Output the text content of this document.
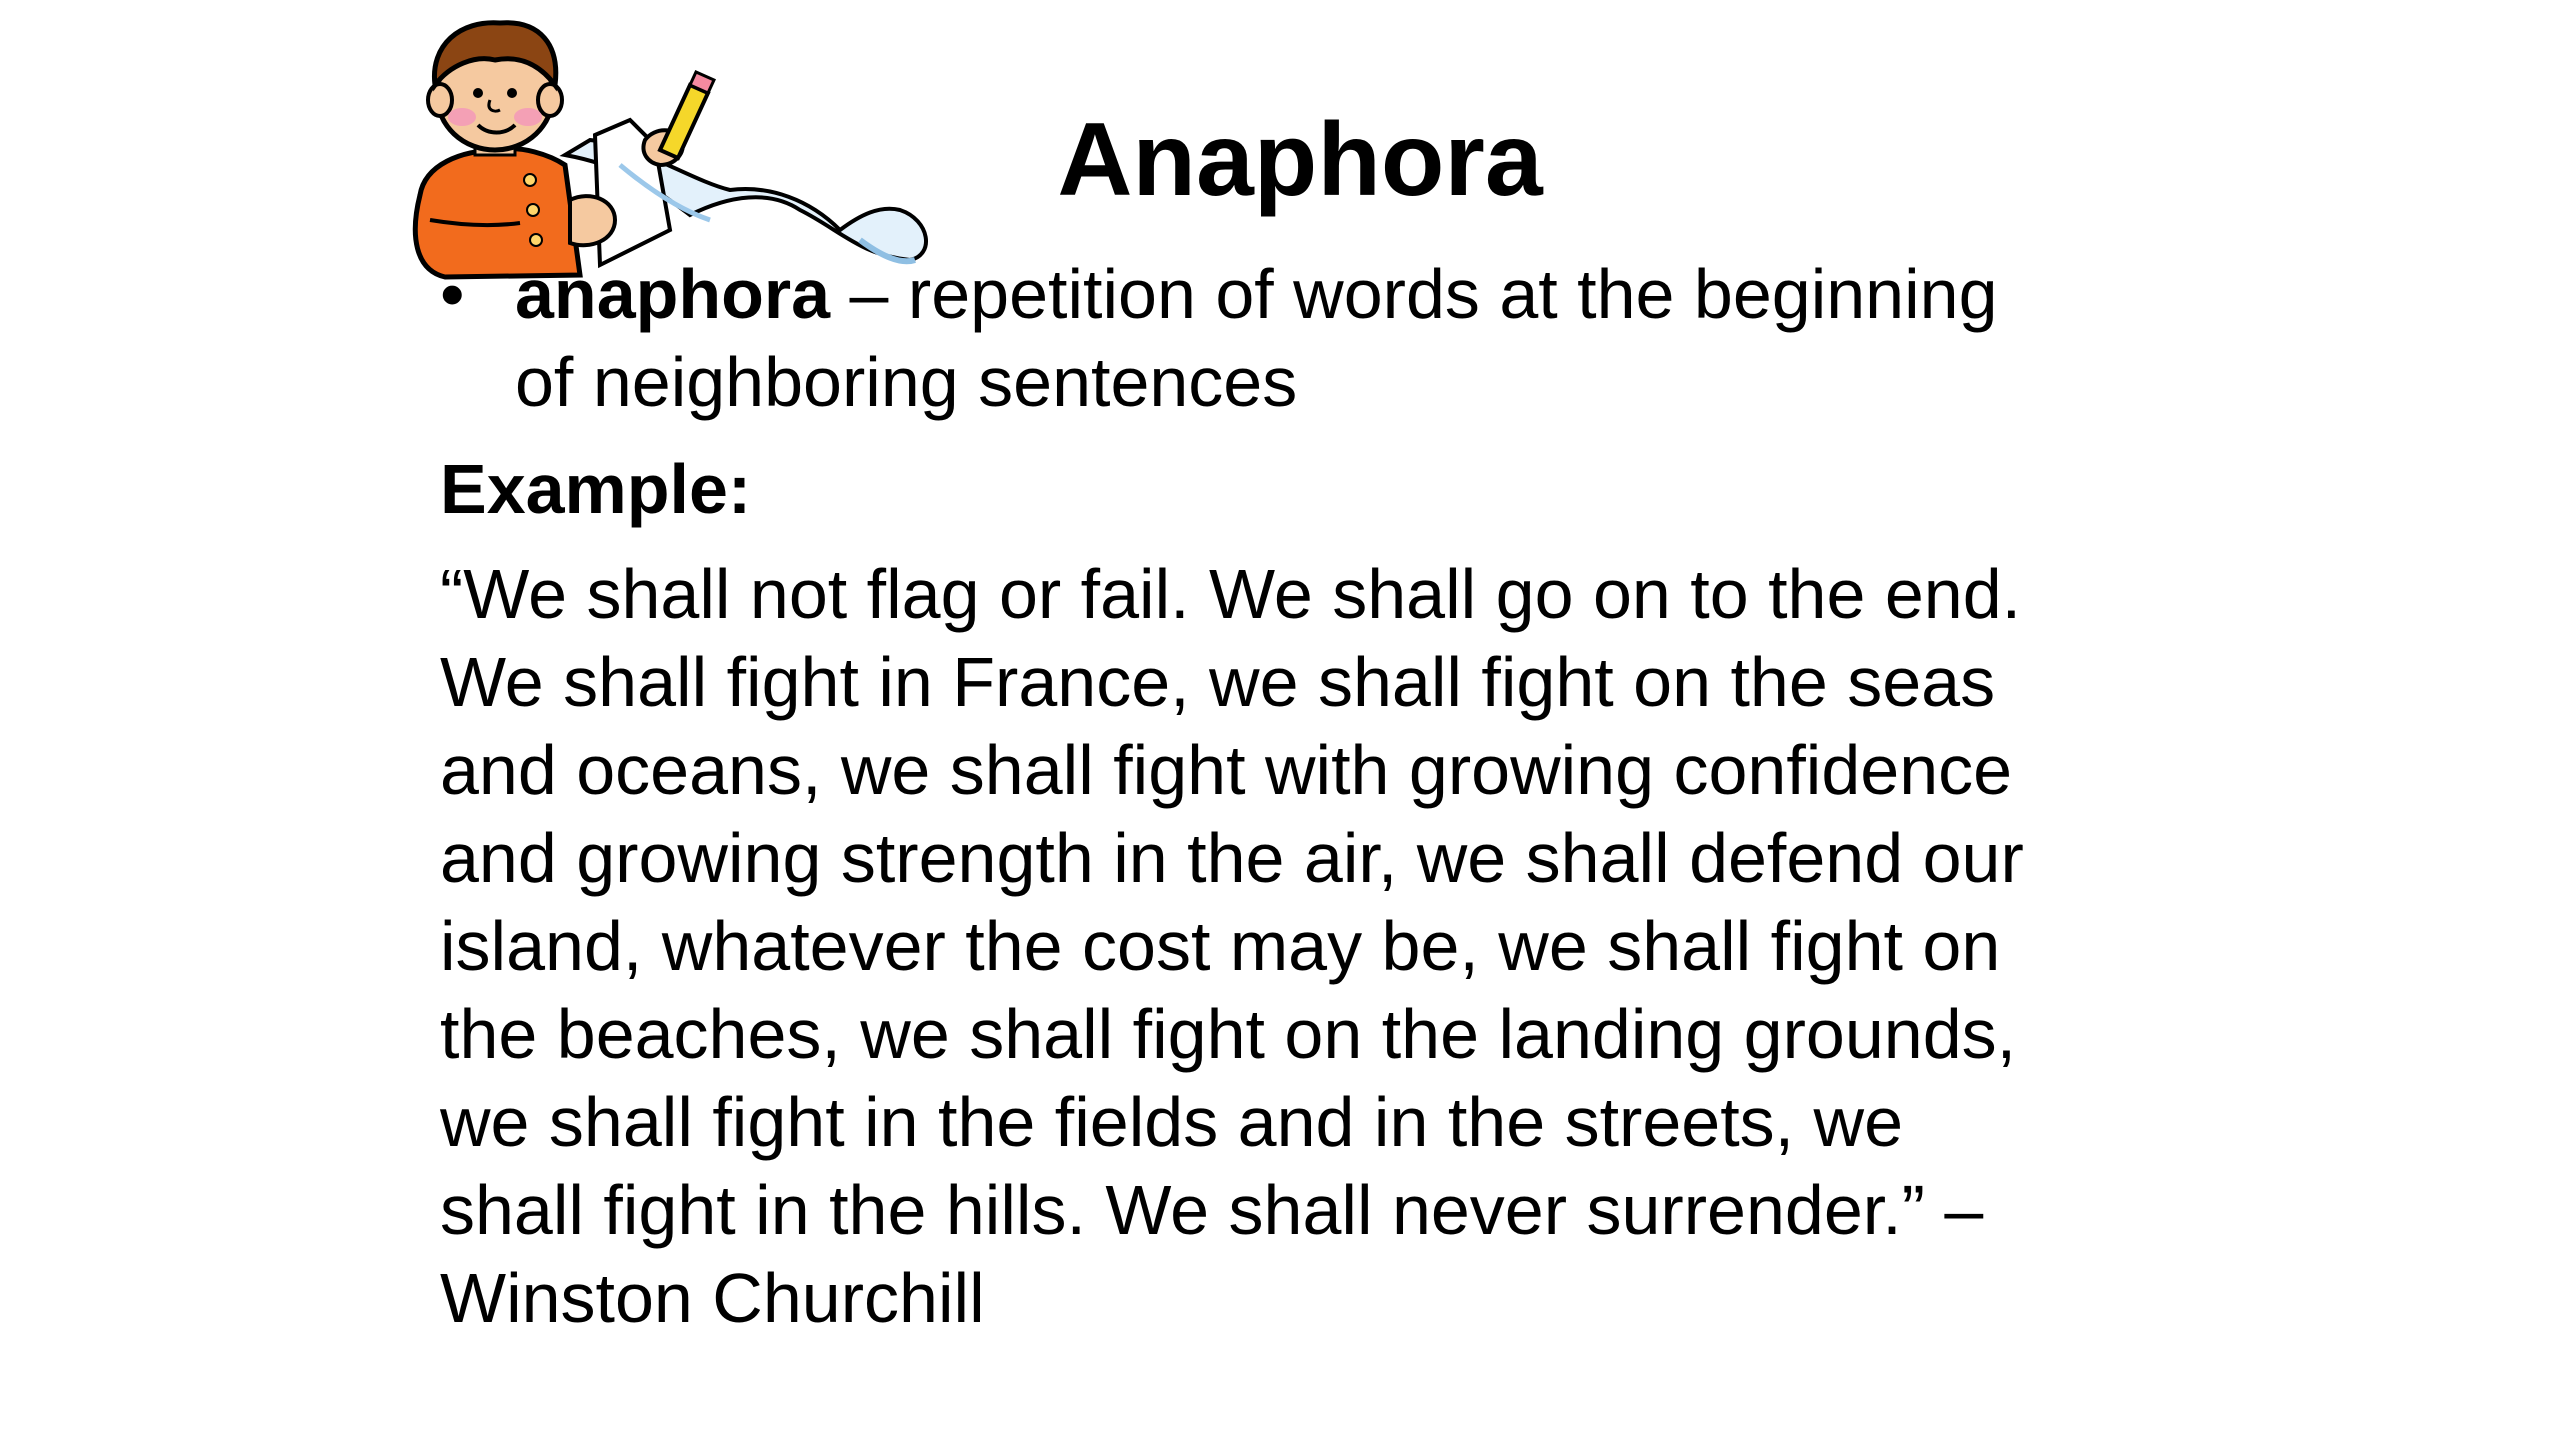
Anaphora
• anaphora – repetition of words at the beginning
of neighboring sentences
Example:
“We shall not flag or fail. We shall go on to the end.
We shall fight in France, we shall fight on the seas
and oceans, we shall fight with growing confidence
and growing strength in the air, we shall defend our
island, whatever the cost may be, we shall fight on
the beaches, we shall fight on the landing grounds,
we shall fight in the fields and in the streets, we
shall fight in the hills. We shall never surrender.” –
Winston Churchill
